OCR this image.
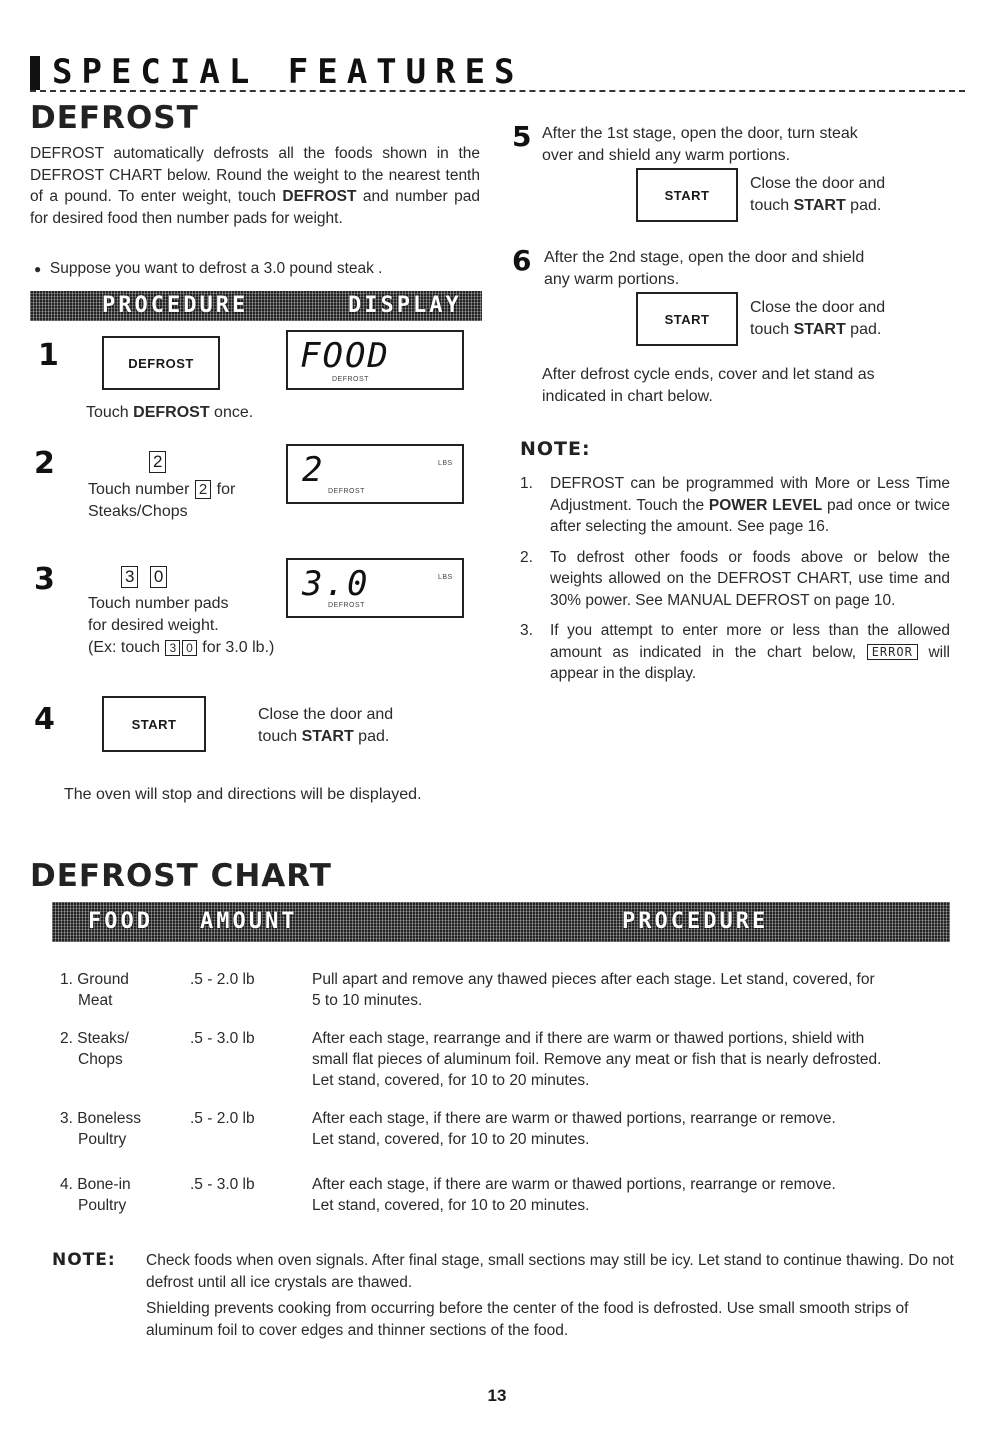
SPECIAL FEATURES
DEFROST
DEFROST automatically defrosts all the foods shown in the DEFROST CHART below. Round the weight to the nearest tenth of a pound. To enter weight, touch DEFROST and number pad for desired food then number pads for weight.
● Suppose you want to defrost a 3.0 pound steak .
PROCEDURE	DISPLAY
1	DEFROST	FOOD
DEFROST
Touch DEFROST once.
2	2	2	LBS
DEFROST
Touch number 2 for
Steaks/Chops
3	3 0	3.0	LBS
DEFROST
Touch number pads
for desired weight.
(Ex: touch 3 0 for 3.0 lb.)
4	START
Close the door and
touch START pad.
The oven will stop and directions will be displayed.
5 After the 1st stage, open the door, turn steak
over and shield any warm portions.
START
Close the door and
touch START pad.
6 After the 2nd stage, open the door and shield
any warm portions.
START
Close the door and
touch START pad.
After defrost cycle ends, cover and let stand as
indicated in chart below.
NOTE:
1. DEFROST can be programmed with More or Less Time Adjustment. Touch the POWER LEVEL pad once or twice after selecting the amount. See page 16.
2. To defrost other foods or foods above or below the weights allowed on the DEFROST CHART, use time and 30% power. See MANUAL DEFROST on page 10.
3. If you attempt to enter more or less than the allowed amount as indicated in the chart below, ERROR will appear in the display.
DEFROST CHART
FOOD AMOUNT	PROCEDURE
1. Ground
Meat
.5 - 2.0 lb	Pull apart and remove any thawed pieces after each stage. Let stand, covered, for
5 to 10 minutes.
2. Steaks/
Chops
.5 - 3.0 lb	After each stage, rearrange and if there are warm or thawed portions, shield with
small flat pieces of aluminum foil. Remove any meat or fish that is nearly defrosted.
Let stand, covered, for 10 to 20 minutes.
3. Boneless
Poultry
.5 - 2.0 lb	After each stage, if there are warm or thawed portions, rearrange or remove.
Let stand, covered, for 10 to 20 minutes.
4. Bone-in
Poultry
.5 - 3.0 lb	After each stage, if there are warm or thawed portions, rearrange or remove.
Let stand, covered, for 10 to 20 minutes.
NOTE: Check foods when oven signals. After final stage, small sections may still be icy. Let stand to continue thawing. Do not defrost until all ice crystals are thawed.
Shielding prevents cooking from occurring before the center of the food is defrosted. Use small smooth strips of aluminum foil to cover edges and thinner sections of the food.
13
